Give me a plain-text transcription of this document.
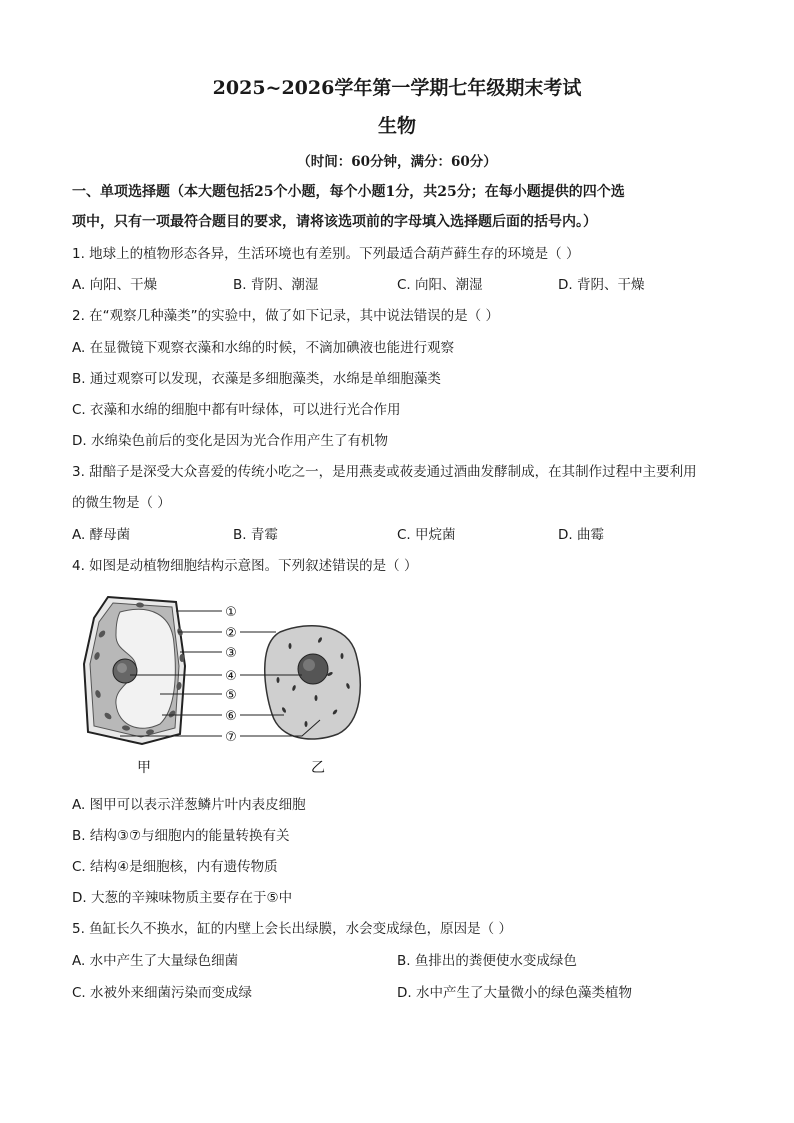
2025~2026学年第一学期七年级期末考试
生物
（时间：60分钟，满分：60分）
一、单项选择题（本大题包括25个小题，每个小题1分，共25分；在每小题提供的四个选
项中，只有一项最符合题目的要求，请将该选项前的字母填入选择题后面的括号内。）
1. 地球上的植物形态各异，生活环境也有差别。下列最适合葫芦藓生存的环境是（ ）
A. 向阳、干燥	B. 背阴、潮湿	C. 向阳、潮湿	D. 背阴、干燥
2. 在“观察几种藻类”的实验中，做了如下记录，其中说法错误的是（ ）
A. 在显微镜下观察衣藻和水绵的时候，不滴加碘液也能进行观察
B. 通过观察可以发现，衣藻是多细胞藻类，水绵是单细胞藻类
C. 衣藻和水绵的细胞中都有叶绿体，可以进行光合作用
D. 水绵染色前后的变化是因为光合作用产生了有机物
3. 甜醅子是深受大众喜爱的传统小吃之一，是用燕麦或莜麦通过酒曲发酵制成，在其制作过程中主要利用
的微生物是（ ）
A. 酵母菌	B. 青霉	C. 甲烷菌	D. 曲霉
4. 如图是动植物细胞结构示意图。下列叙述错误的是（ ）
①
②
③
④
⑤
⑥
⑦
甲	乙
A. 图甲可以表示洋葱鳞片叶内表皮细胞
B. 结构③⑦与细胞内的能量转换有关
C. 结构④是细胞核，内有遗传物质
D. 大葱的辛辣味物质主要存在于⑤中
5. 鱼缸长久不换水，缸的内壁上会长出绿膜，水会变成绿色，原因是（ ）
A. 水中产生了大量绿色细菌	B. 鱼排出的粪便使水变成绿色
C. 水被外来细菌污染而变成绿	D. 水中产生了大量微小的绿色藻类植物
